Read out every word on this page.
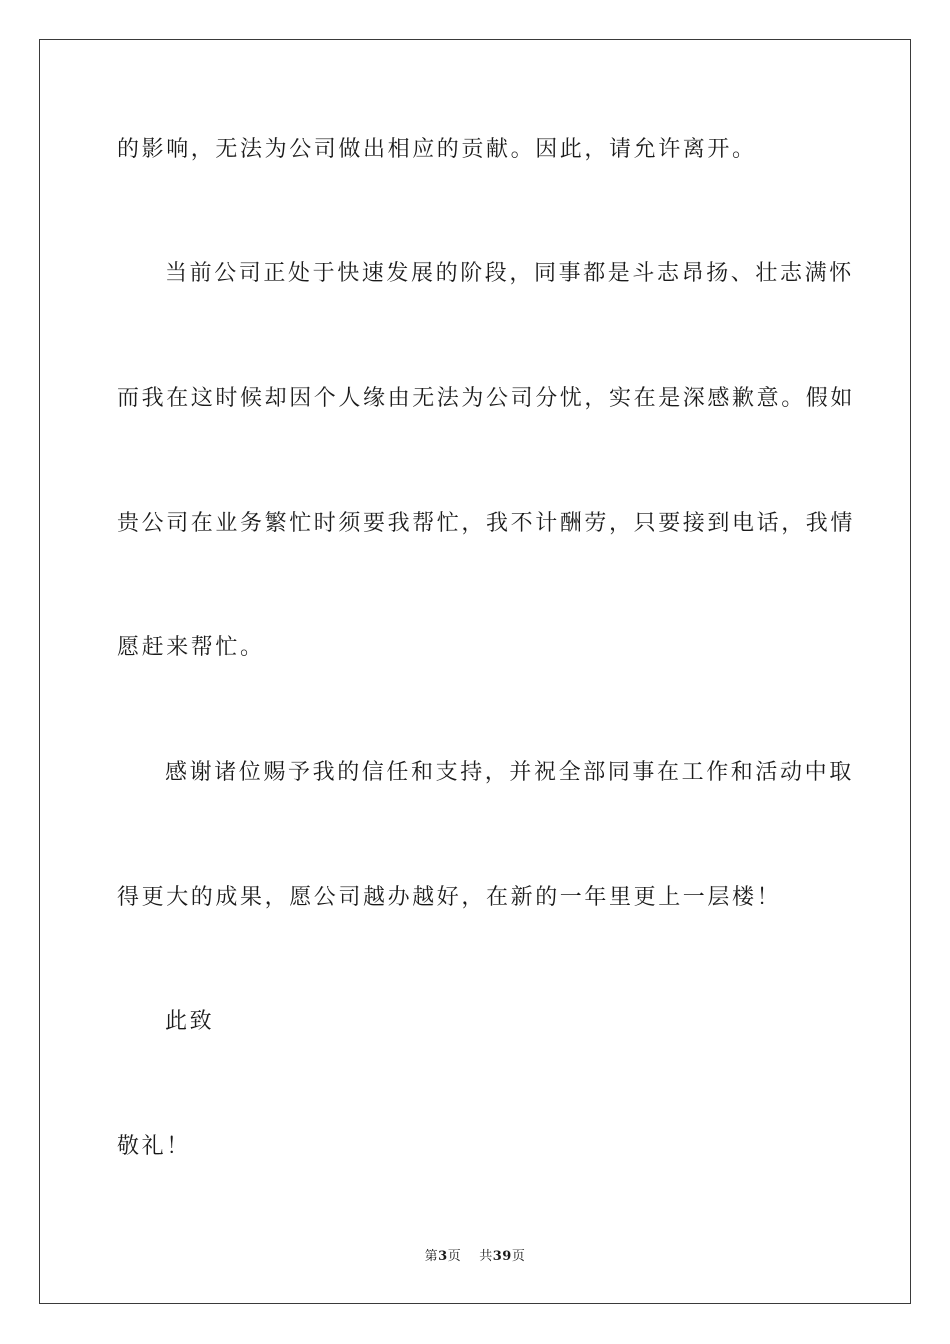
的影响，无法为公司做出相应的贡献。因此，请允许离开。

当前公司正处于快速发展的阶段，同事都是斗志昂扬、壮志满怀

而我在这时候却因个人缘由无法为公司分忧，实在是深感歉意。假如

贵公司在业务繁忙时须要我帮忙，我不计酬劳，只要接到电话，我情

愿赶来帮忙。

感谢诸位赐予我的信任和支持，并祝全部同事在工作和活动中取

得更大的成果，愿公司越办越好，在新的一年里更上一层楼！

此致

敬礼！

第3页 共39页
